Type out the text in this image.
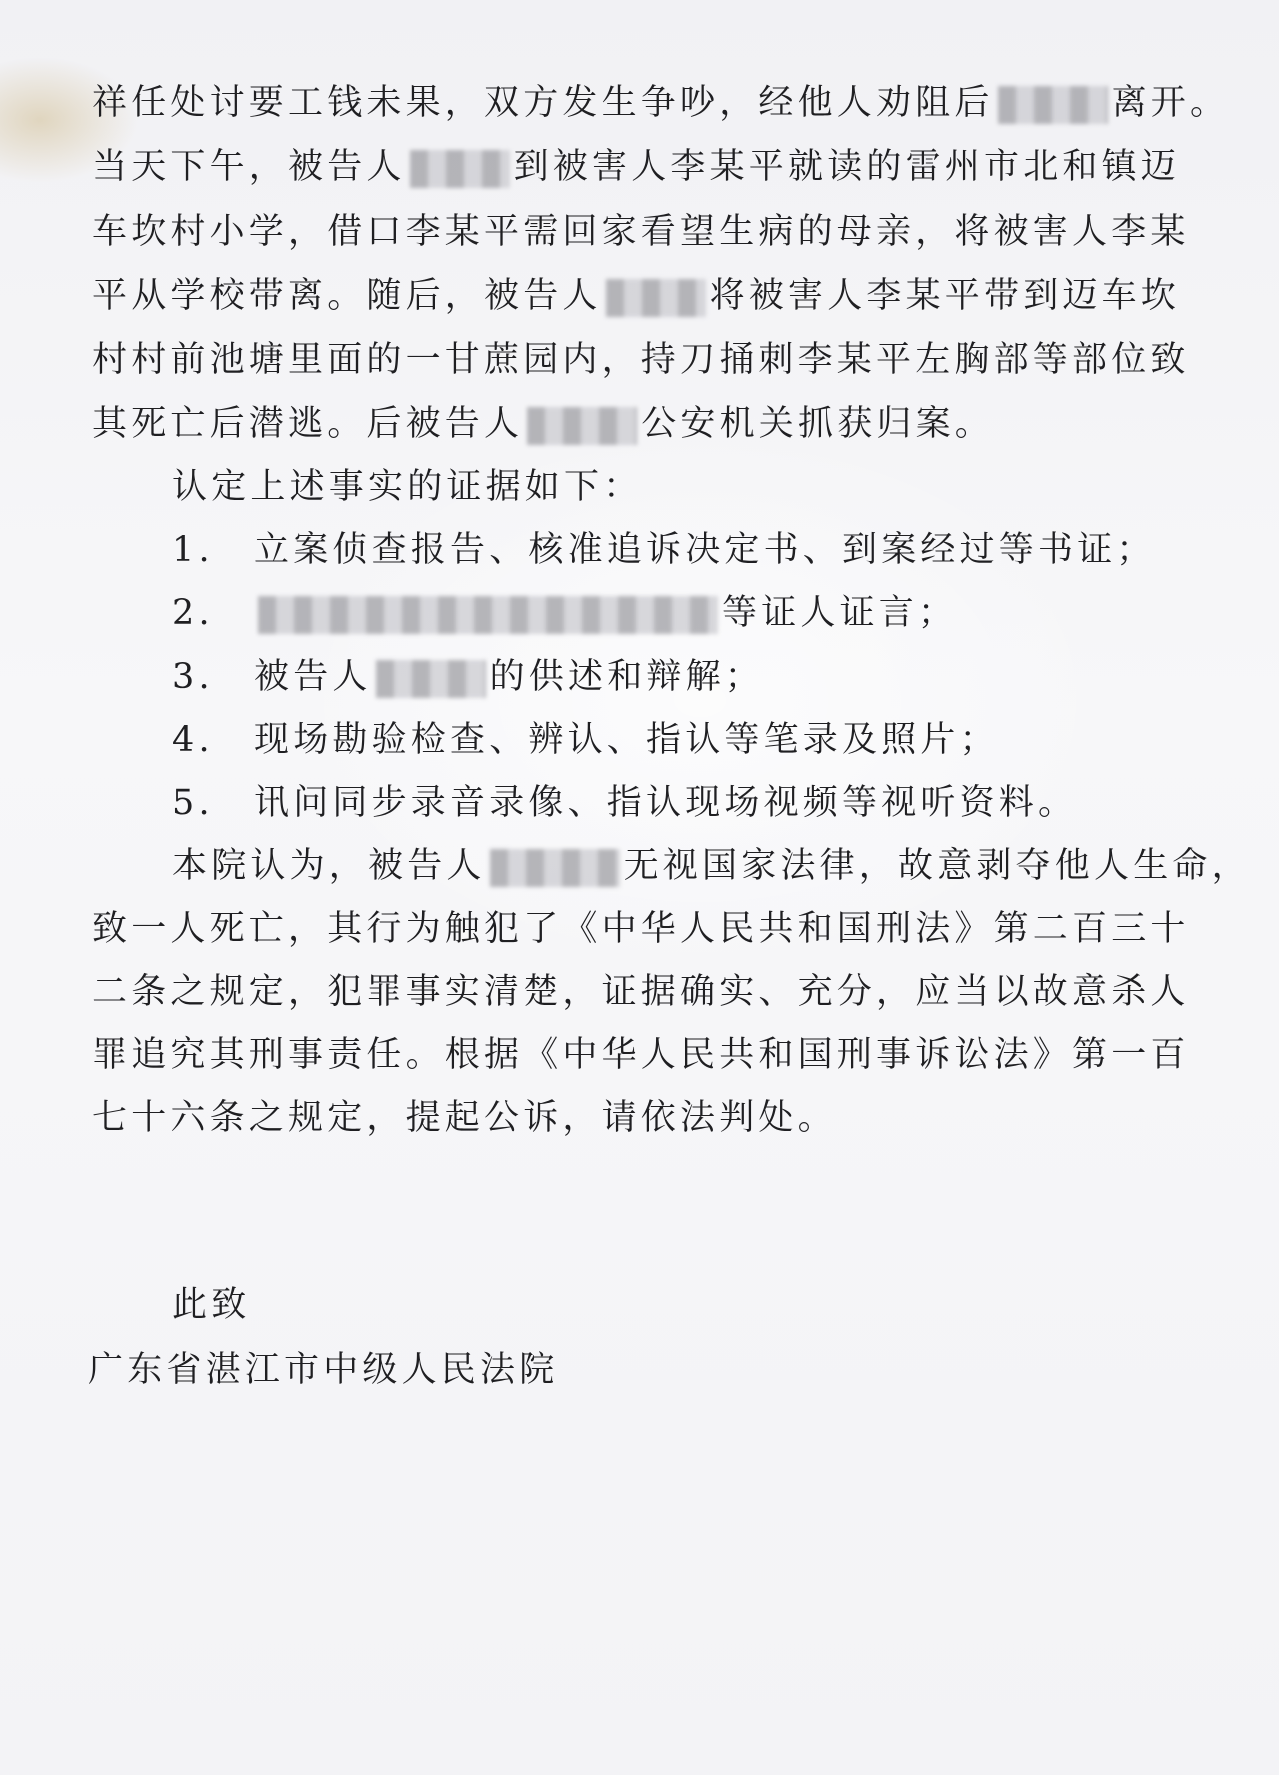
祥任处讨要工钱未果，双方发生争吵，经他人劝阻后	离开。
当天下午，被告人	到被害人李某平就读的雷州市北和镇迈
车坎村小学，借口李某平需回家看望生病的母亲，将被害人李某
平从学校带离。随后，被告人	将被害人李某平带到迈车坎
村村前池塘里面的一甘蔗园内，持刀捅刺李某平左胸部等部位致
其死亡后潜逃。后被告人	公安机关抓获归案。
认定上述事实的证据如下：
1. 立案侦查报告、核准追诉决定书、到案经过等书证；
2.	等证人证言；
3. 被告人	的供述和辩解；
4. 现场勘验检查、辨认、指认等笔录及照片；
5. 讯问同步录音录像、指认现场视频等视听资料。
本院认为，被告人	无视国家法律，故意剥夺他人生命，
致一人死亡，其行为触犯了《中华人民共和国刑法》第二百三十
二条之规定，犯罪事实清楚，证据确实、充分，应当以故意杀人
罪追究其刑事责任。根据《中华人民共和国刑事诉讼法》第一百
七十六条之规定，提起公诉，请依法判处。
此致
广东省湛江市中级人民法院
